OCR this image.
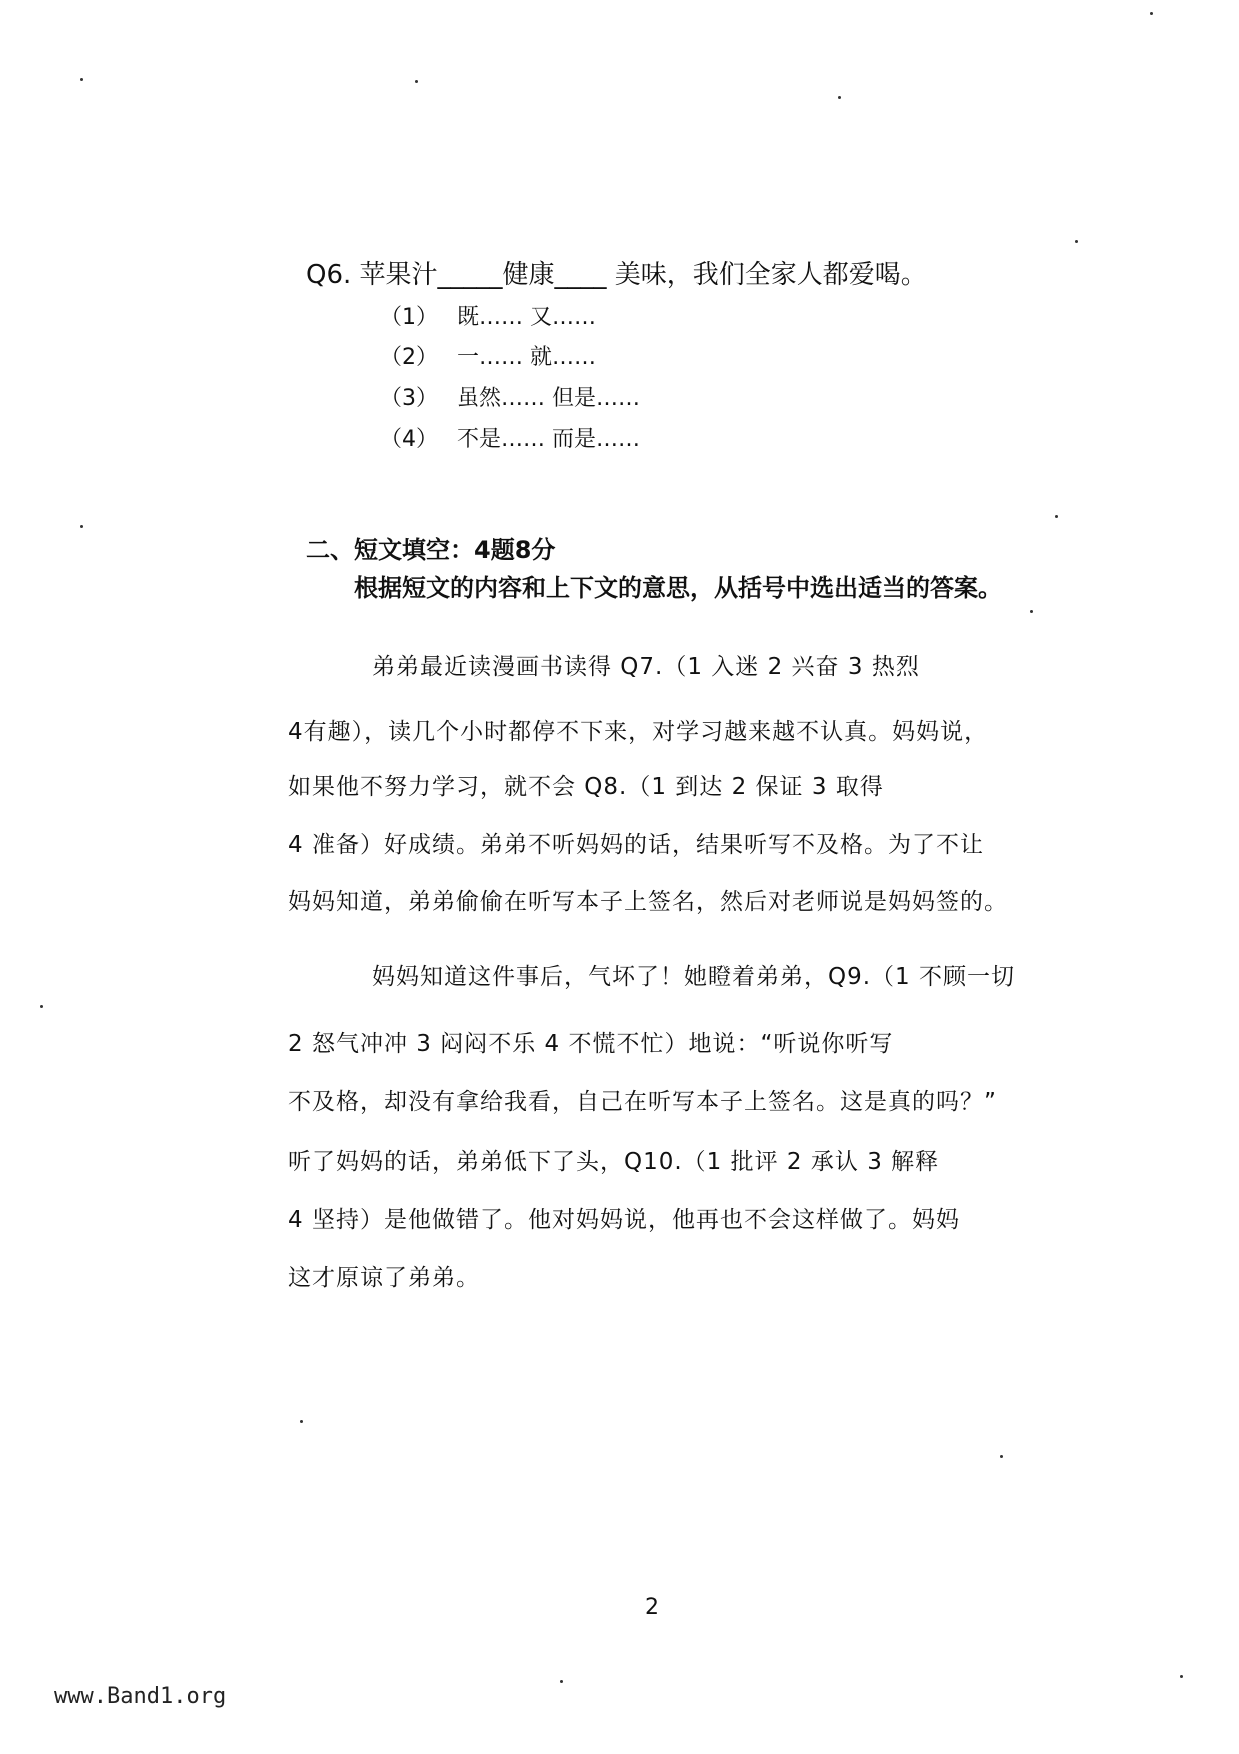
Q6. 苹果汁_____健康____ 美味，我们全家人都爱喝。
（1） 既…… 又……
（2） 一…… 就……
（3） 虽然…… 但是……
（4） 不是…… 而是……
二、短文填空：4题8分
根据短文的内容和上下文的意思，从括号中选出适当的答案。
弟弟最近读漫画书读得 Q7.（1 入迷 2 兴奋 3 热烈
4有趣），读几个小时都停不下来，对学习越来越不认真。妈妈说，
如果他不努力学习，就不会 Q8.（1 到达 2 保证 3 取得
4 准备）好成绩。弟弟不听妈妈的话，结果听写不及格。为了不让
妈妈知道，弟弟偷偷在听写本子上签名，然后对老师说是妈妈签的。
妈妈知道这件事后，气坏了！她瞪着弟弟，Q9.（1 不顾一切
2 怒气冲冲 3 闷闷不乐 4 不慌不忙）地说：“听说你听写
不及格，却没有拿给我看，自己在听写本子上签名。这是真的吗？”
听了妈妈的话，弟弟低下了头，Q10.（1 批评 2 承认 3 解释
4 坚持）是他做错了。他对妈妈说，他再也不会这样做了。妈妈
这才原谅了弟弟。
2
www.Band1.org
